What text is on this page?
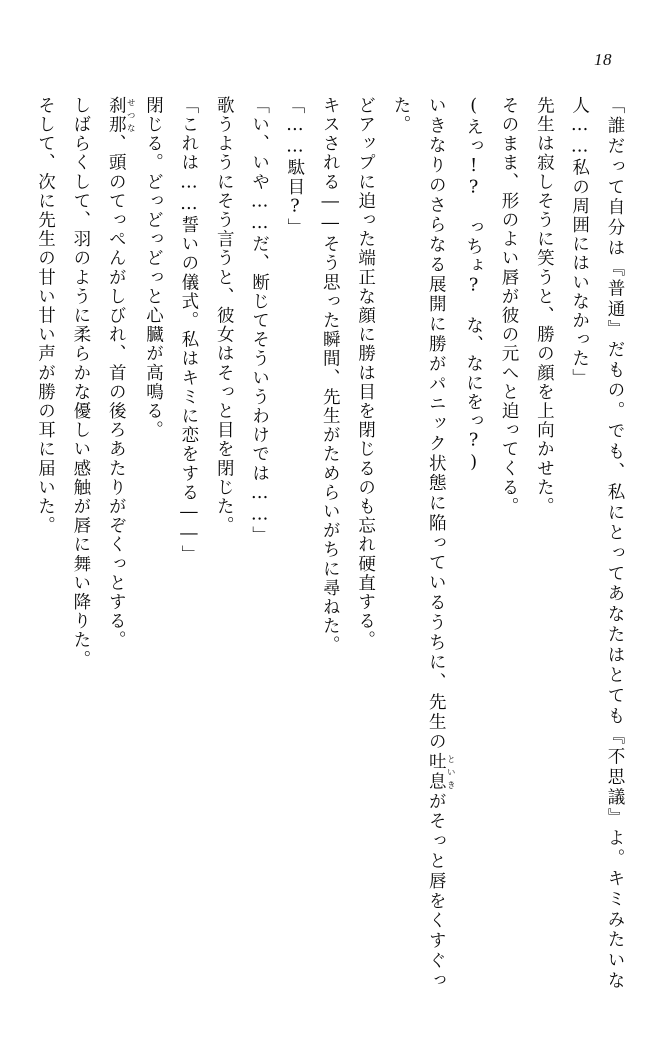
18

「誰だって自分は『普通』だもの。でも、私にとってあなたはとても『不思議』よ。キミみたいな人……私の周囲にはいなかった」

先生は寂しそうに笑うと、勝の顔を上向かせた。

そのまま、形のよい唇が彼の元へと迫ってくる。

(えっ!?　っちょ?　な、なにをっ?)

いきなりのさらなる展開に勝がパニック状態に陥っているうちに、先生の吐息 といきがそっと唇をくすぐった。

どアップに迫った端正な顔に勝は目を閉じるのも忘れ硬直する。

キスされる――そう思った瞬間、先生がためらいがちに尋ねた。

「……駄目?」

「い、いや……だ、断じてそういうわけでは……」

歌うようにそう言うと、彼女はそっと目を閉じた。

「これは……誓いの儀式。私はキミに恋をする――」

閉じる。どっどっどっと心臓が高鳴る。

刹那 せつな、頭のてっぺんがしびれ、首の後ろあたりがぞくっとする。

しばらくして、羽のように柔らかな優しい感触が唇に舞い降りた。

そして、次に先生の甘い甘い声が勝の耳に届いた。
